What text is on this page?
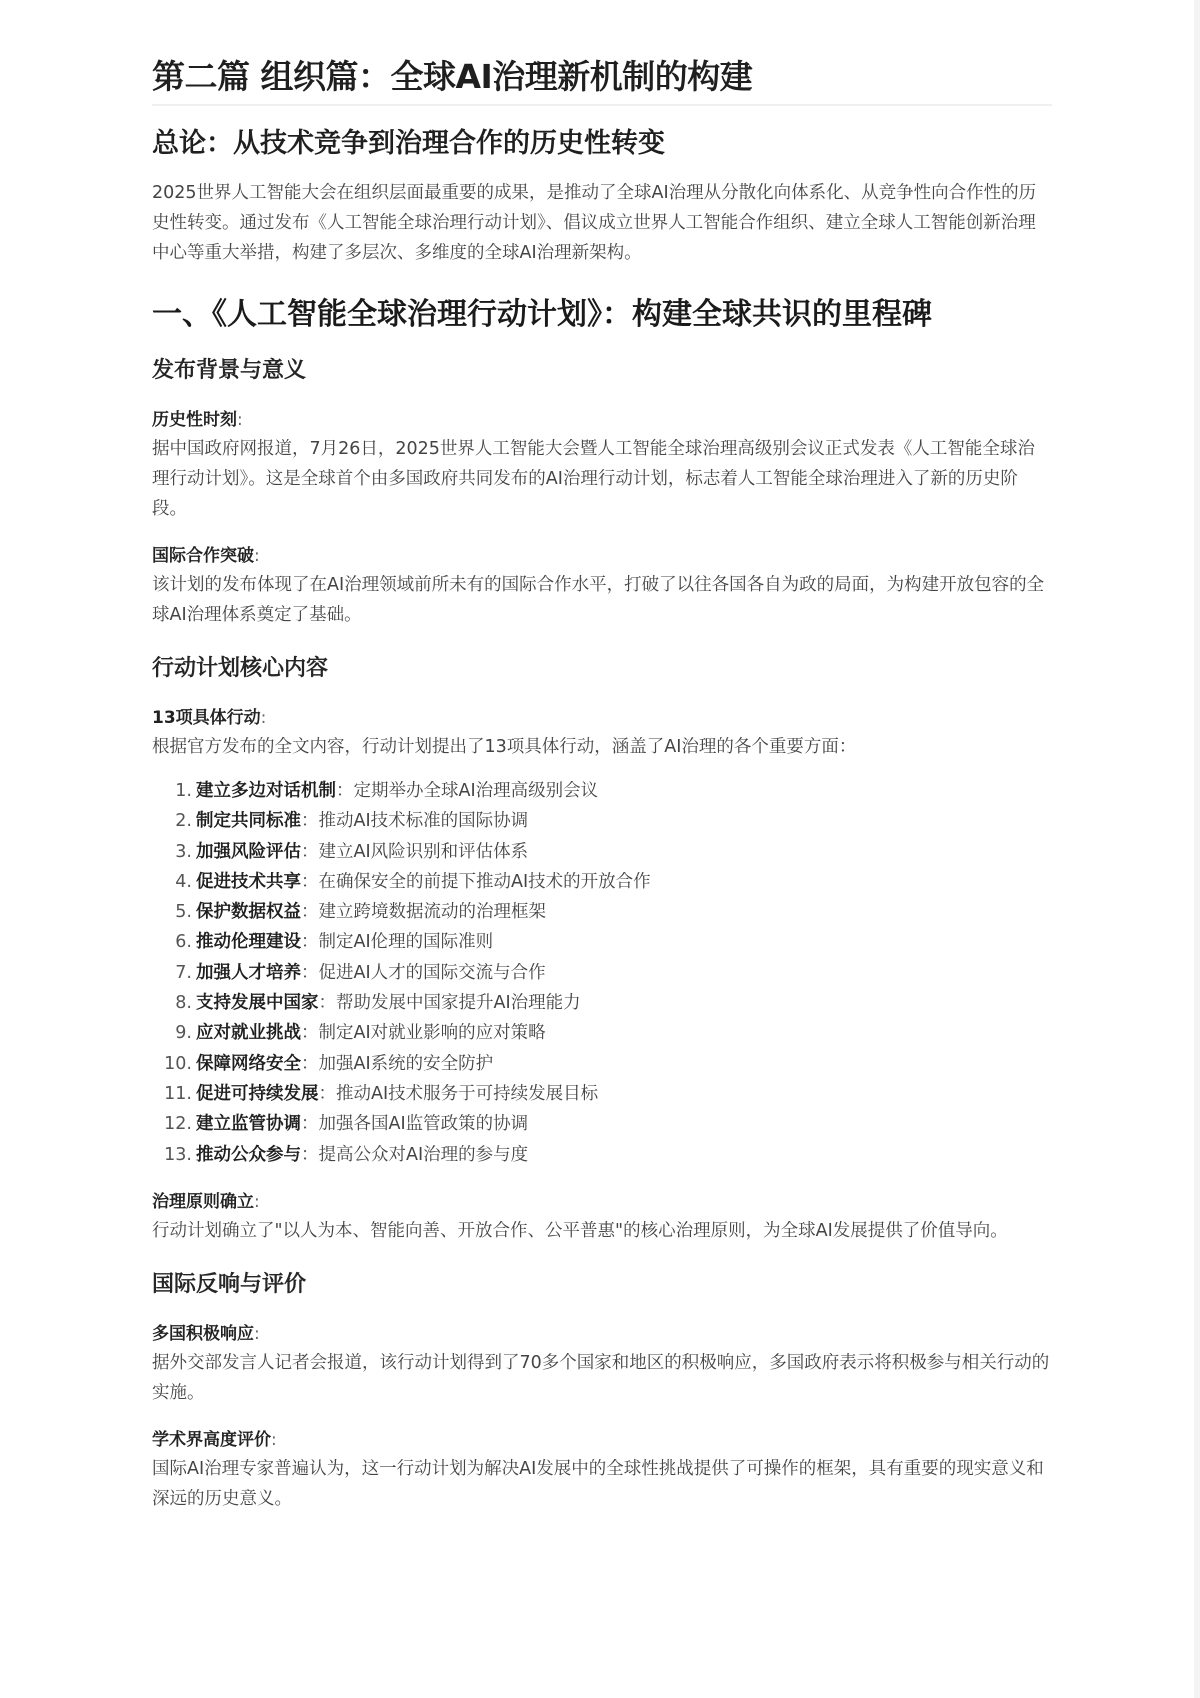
第二篇 组织篇：全球AI治理新机制的构建
总论：从技术竞争到治理合作的历史性转变

2025世界人工智能大会在组织层面最重要的成果，是推动了全球AI治理从分散化向体系化、从竞争性向合作性的历史性转变。通过发布《人工智能全球治理行动计划》、倡议成立世界人工智能合作组织、建立全球人工智能创新治理中心等重大举措，构建了多层次、多维度的全球AI治理新架构。

一、《人工智能全球治理行动计划》：构建全球共识的里程碑
发布背景与意义
历史性时刻:

据中国政府网报道，7月26日，2025世界人工智能大会暨人工智能全球治理高级别会议正式发表《人工智能全球治理行动计划》。这是全球首个由多国政府共同发布的AI治理行动计划，标志着人工智能全球治理进入了新的历史阶段。

国际合作突破:

该计划的发布体现了在AI治理领域前所未有的国际合作水平，打破了以往各国各自为政的局面，为构建开放包容的全球AI治理体系奠定了基础。

行动计划核心内容
13项具体行动:

根据官方发布的全文内容，行动计划提出了13项具体行动，涵盖了AI治理的各个重要方面：

1. 建立多边对话机制 ： 定期举办全球AI治理高级别会议
2. 制定共同标准 ： 推动AI技术标准的国际协调
3. 加强风险评估 ： 建立AI风险识别和评估体系
4. 促进技术共享 ： 在确保安全的前提下推动AI技术的开放合作
5. 保护数据权益 ： 建立跨境数据流动的治理框架
6. 推动伦理建设 ： 制定AI伦理的国际准则
7. 加强人才培养 ： 促进AI人才的国际交流与合作
8. 支持发展中国家 ： 帮助发展中国家提升AI治理能力
9. 应对就业挑战 ： 制定AI对就业影响的应对策略
10. 保障网络安全 ： 加强AI系统的安全防护
11. 促进可持续发展 ： 推动AI技术服务于可持续发展目标
12. 建立监管协调 ： 加强各国AI监管政策的协调
13. 推动公众参与 ： 提高公众对AI治理的参与度
治理原则确立:

行动计划确立了"以人为本、智能向善、开放合作、公平普惠"的核心治理原则，为全球AI发展提供了价值导向。

国际反响与评价
多国积极响应:

据外交部发言人记者会报道，该行动计划得到了70多个国家和地区的积极响应，多国政府表示将积极参与相关行动的实施。

学术界高度评价:

国际AI治理专家普遍认为，这一行动计划为解决AI发展中的全球性挑战提供了可操作的框架，具有重要的现实意义和深远的历史意义。
